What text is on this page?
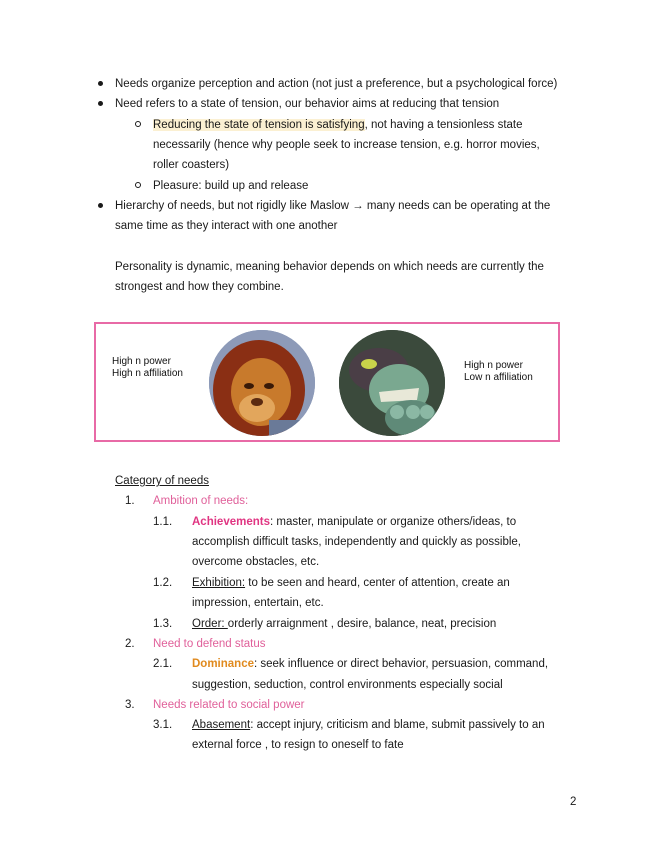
Needs organize perception and action (not just a preference, but a psychological force)
Need refers to a state of tension, our behavior aims at reducing that tension
Reducing the state of tension is satisfying, not having a tensionless state
necessarily (hence why people seek to increase tension, e.g. horror movies,
roller coasters)
Pleasure: build up and release
Hierarchy of needs, but not rigidly like Maslow → many needs can be operating at the
same time as they interact with one another
Personality is dynamic, meaning behavior depends on which needs are currently the
strongest and how they combine.
High n power
High n affiliation
High n power
Low n affiliation
Category of needs
1. Ambition of needs:
1.1. Achievements: master, manipulate or organize others/ideas, to
accomplish difficult tasks, independently and quickly as possible,
overcome obstacles, etc.
1.2. Exhibition: to be seen and heard, center of attention, create an
impression, entertain, etc.
1.3. Order: orderly arraignment , desire, balance, neat, precision
2. Need to defend status
2.1. Dominance: seek influence or direct behavior, persuasion, command,
suggestion, seduction, control environments especially social
3. Needs related to social power
3.1. Abasement: accept injury, criticism and blame, submit passively to an
external force , to resign to oneself to fate
2
